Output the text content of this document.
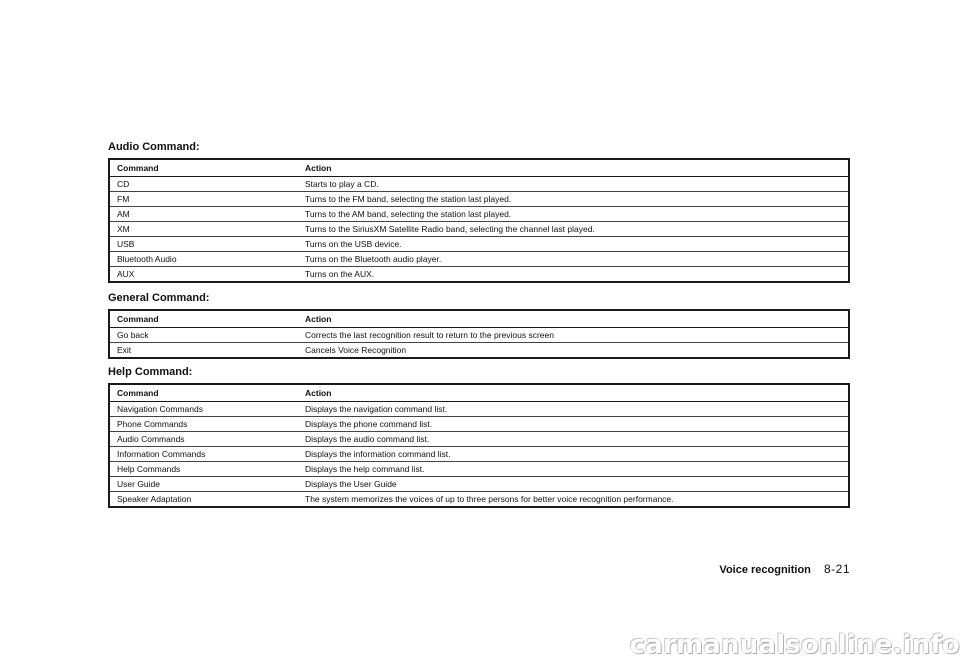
Audio Command:
Command	Action
CD	Starts to play a CD.
FM	Turns to the FM band, selecting the station last played.
AM	Turns to the AM band, selecting the station last played.
XM	Turns to the SiriusXM Satellite Radio band, selecting the channel last played.
USB	Turns on the USB device.
Bluetooth Audio	Turns on the Bluetooth audio player.
AUX	Turns on the AUX.
General Command:
Command	Action
Go back	Corrects the last recognition result to return to the previous screen
Exit	Cancels Voice Recognition
Help Command:
Command	Action
Navigation Commands	Displays the navigation command list.
Phone Commands	Displays the phone command list.
Audio Commands	Displays the audio command list.
Information Commands	Displays the information command list.
Help Commands	Displays the help command list.
User Guide	Displays the User Guide
Speaker Adaptation	The system memorizes the voices of up to three persons for better voice recognition performance.
Voice recognition 8-21
carmanualsonline.info
